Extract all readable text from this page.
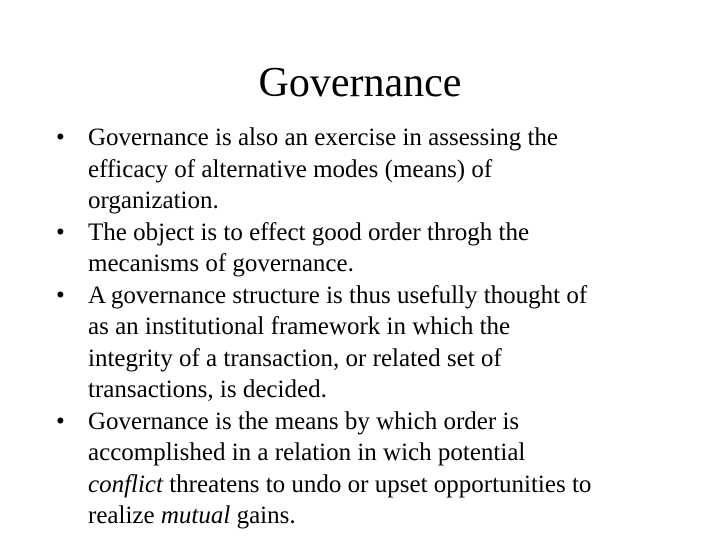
Governance
• Governance is also an exercise in assessing the
efficacy of alternative modes (means) of
organization.
• The object is to effect good order throgh the
mecanisms of governance.
• A governance structure is thus usefully thought of
as an institutional framework in which the
integrity of a transaction, or related set of
transactions, is decided.
• Governance is the means by which order is
accomplished in a relation in wich potential
conflict threatens to undo or upset opportunities to
realize mutual gains.
